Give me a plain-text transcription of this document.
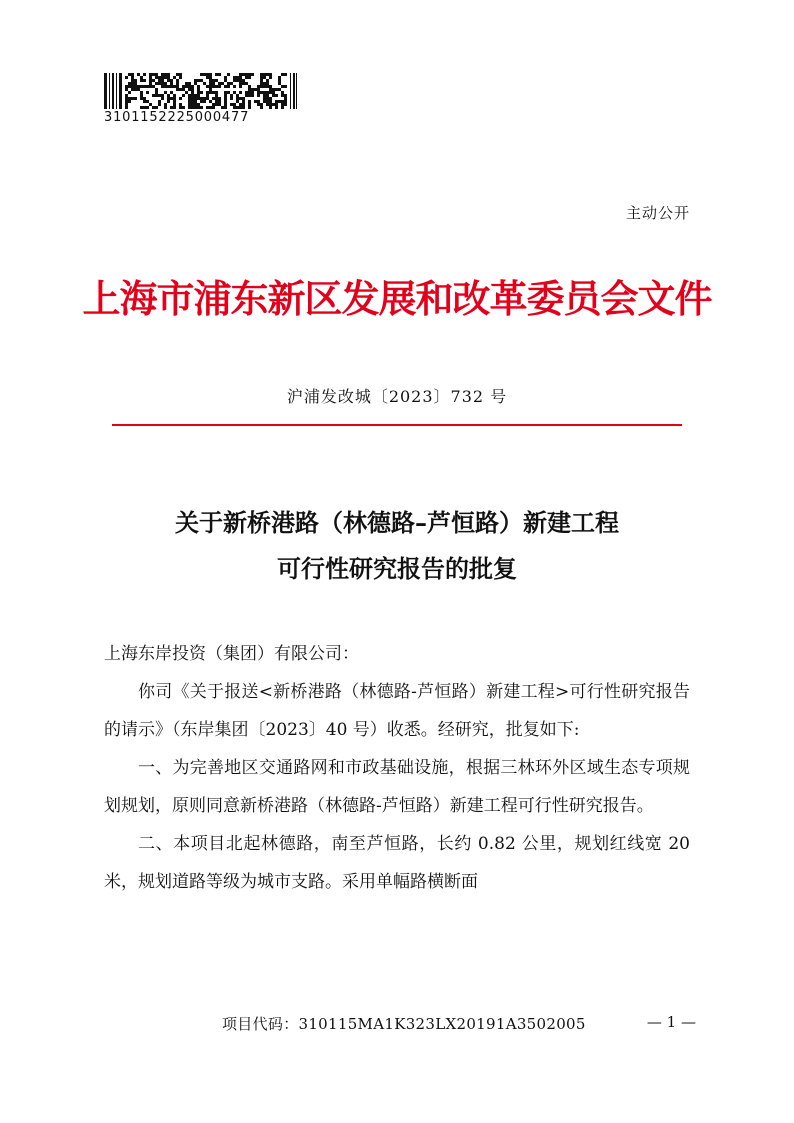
3101152225000477
主动公开
上海市浦东新区发展和改革委员会文件
沪浦发改城〔2023〕732 号
关于新桥港路（林德路–芦恒路）新建工程
可行性研究报告的批复

上海东岸投资（集团）有限公司：

你司《关于报送<新桥港路（林德路-芦恒路）新建工程>可行性研究报告的请示》（东岸集团〔2023〕40 号）收悉。经研究，批复如下:

一、为完善地区交通路网和市政基础设施，根据三林环外区域生态专项规划规划，原则同意新桥港路（林德路-芦恒路）新建工程可行性研究报告。

二、本项目北起林德路，南至芦恒路，长约 0.82 公里，规划红线宽 20 米，规划道路等级为城市支路。采用单幅路横断面

项目代码：310115MA1K323LX20191A3502005	— 1 —
